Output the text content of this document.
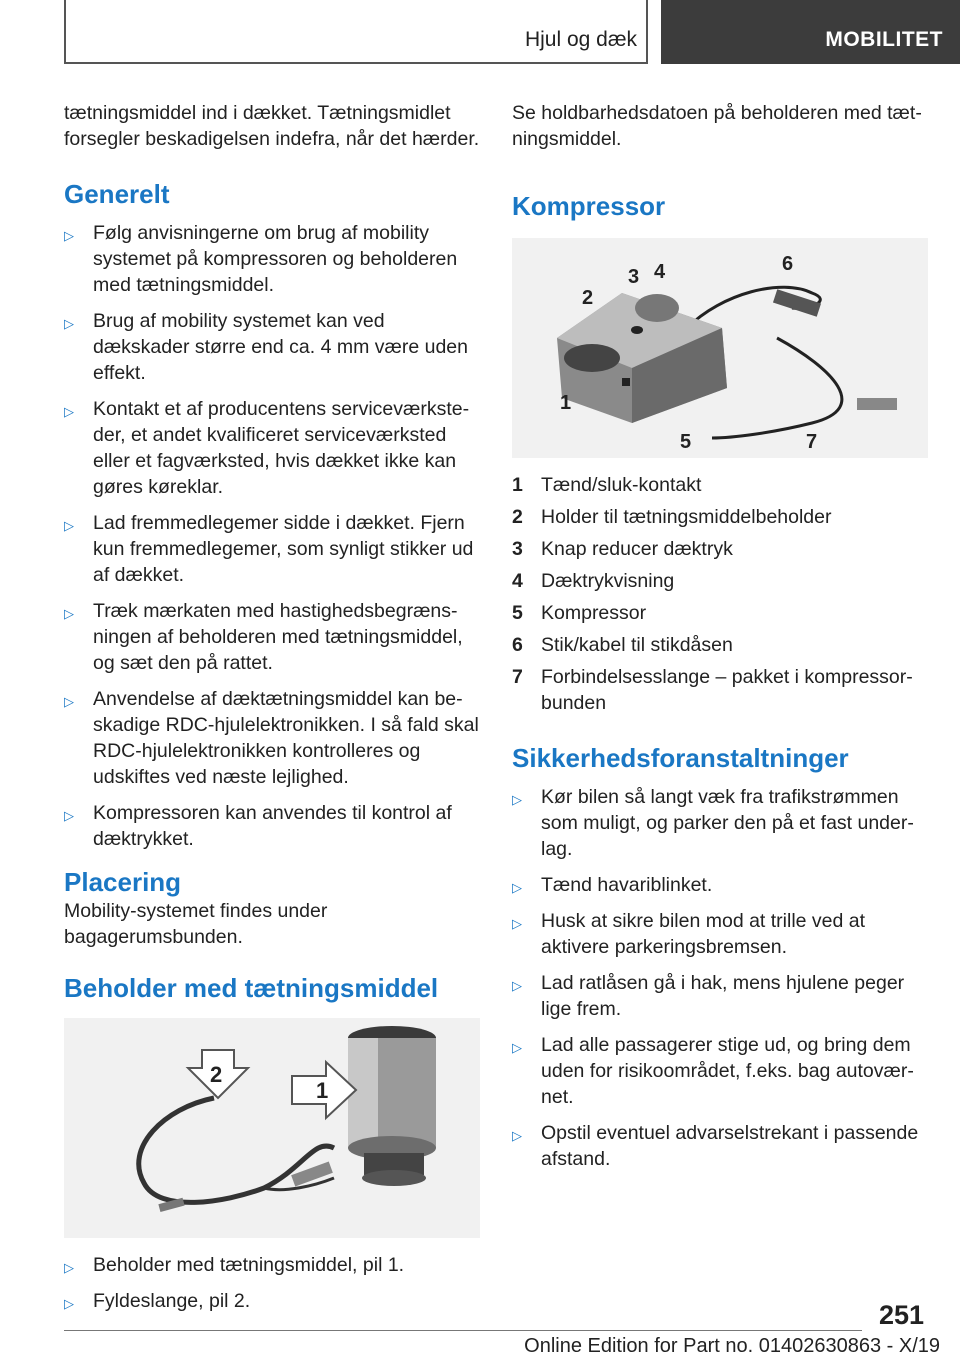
Hjul og dæk	MOBILITET

tætningsmiddel ind i dækket. Tætningsmidlet forsegler beskadigelsen indefra, når det hærder.

Generelt
▷ Følg anvisningerne om brug af mobility systemet på kompressoren og beholderen med tætningsmiddel.
▷ Brug af mobility systemet kan ved dækskader større end ca. 4 mm være uden effekt.
▷ Kontakt et af producentens serviceværksteder, et andet kvalificeret serviceværksted eller et fagværksted, hvis dækket ikke kan gøres køreklar.
▷ Lad fremmedlegemer sidde i dækket. Fjern kun fremmedlegemer, som synligt stikker ud af dækket.
▷ Træk mærkaten med hastighedsbegrænsningen af beholderen med tætningsmiddel, og sæt den på rattet.
▷ Anvendelse af dæktætningsmiddel kan beskadige RDC-hjulelektronikken. I så fald skal RDC-hjulelektronikken kontrolleres og udskiftes ved næste lejlighed.
▷ Kompressoren kan anvendes til kontrol af dæktrykket.
Placering

Mobility-systemet findes under bagagerumsbunden.

Beholder med tætningsmiddel
2
1
▷ Beholder med tætningsmiddel, pil 1.
▷ Fyldeslange, pil 2.

Se holdbarhedsdatoen på beholderen med tætningsmiddel.

Kompressor
2
3 4	6
1
5	7
1 Tænd/sluk-kontakt
2 Holder til tætningsmiddelbeholder
3 Knap reducer dæktryk
4 Dæktrykvisning
5 Kompressor
6 Stik/kabel til stikdåsen
7 Forbindelsesslange – pakket i kompressorbunden
Sikkerhedsforanstaltninger
▷ Kør bilen så langt væk fra trafikstrømmen som muligt, og parker den på et fast underlag.
▷ Tænd havariblinket.
▷ Husk at sikre bilen mod at trille ved at aktivere parkeringsbremsen.
▷ Lad ratlåsen gå i hak, mens hjulene peger lige frem.
▷ Lad alle passagerer stige ud, og bring dem uden for risikoområdet, f.eks. bag autoværnet.
▷ Opstil eventuel advarselstrekant i passende afstand.
251
Online Edition for Part no. 01402630863 - X/19
